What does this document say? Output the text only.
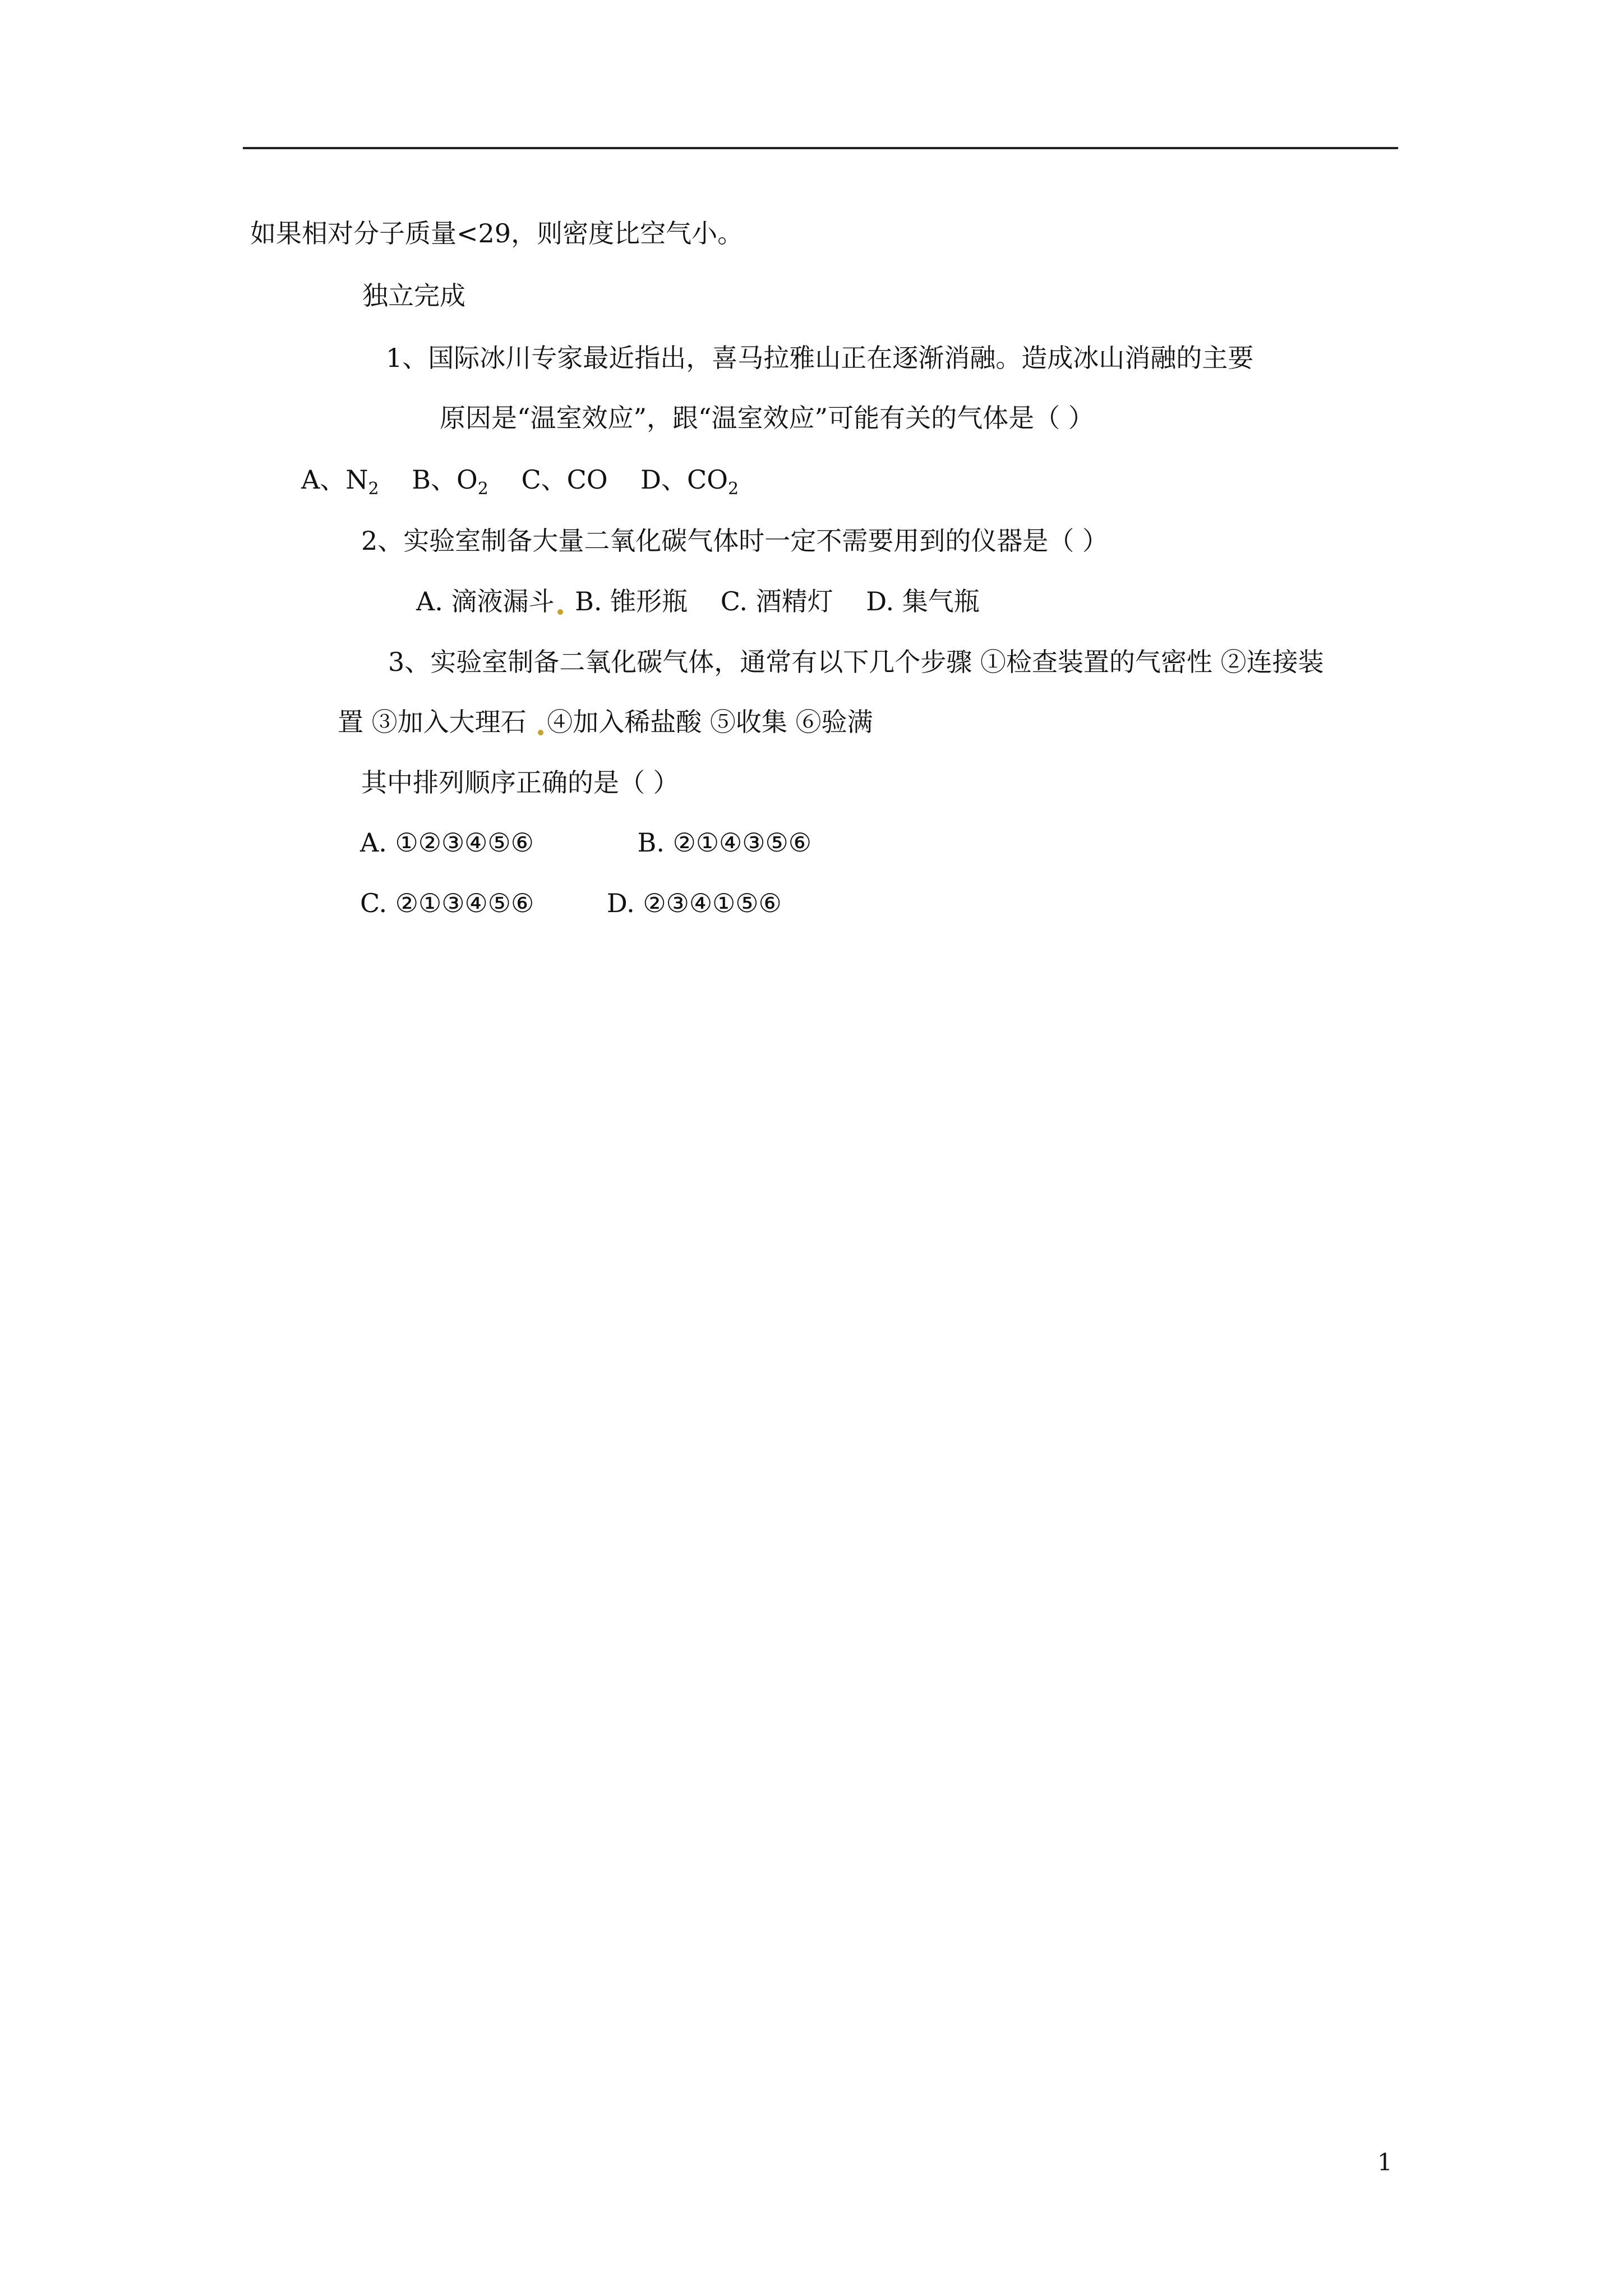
如果相对分子质量<29，则密度比空气小。
独立完成
1、国际冰川专家最近指出，喜马拉雅山正在逐渐消融。造成冰山消融的主要
原因是“温室效应”，跟“温室效应”可能有关的气体是（ ）
A、$N_2$ B、$O_2$ C、CO D、$CO_2$
2、实验室制备大量二氧化碳气体时一定不需要用到的仪器是（ ）
A. 滴液漏斗 B. 锥形瓶 C. 酒精灯 D. 集气瓶
3、实验室制备二氧化碳气体，通常有以下几个步骤 ①检查装置的气密性 ②连接装
置 ③加入大理石 ④加入稀盐酸 ⑤收集 ⑥验满
其中排列顺序正确的是（ ）
A. ①②③④⑤⑥	B. ②①④③⑤⑥
C. ②①③④⑤⑥	D. ②③④①⑤⑥
1
